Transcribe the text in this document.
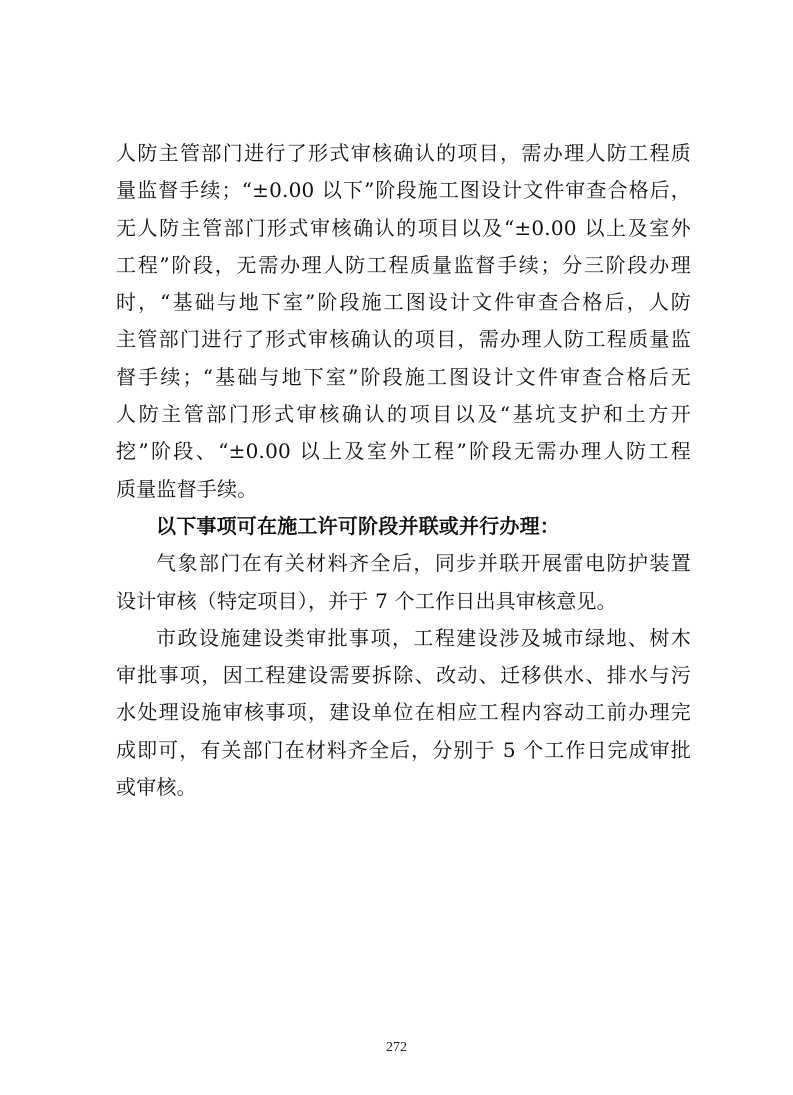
人防主管部门进行了形式审核确认的项目，需办理人防工程质
量监督手续；“±0.00 以下”阶段施工图设计文件审查合格后，
无人防主管部门形式审核确认的项目以及“±0.00 以上及室外
工程”阶段，无需办理人防工程质量监督手续；分三阶段办理
时，“基础与地下室”阶段施工图设计文件审查合格后，人防
主管部门进行了形式审核确认的项目，需办理人防工程质量监
督手续；“基础与地下室”阶段施工图设计文件审查合格后无
人防主管部门形式审核确认的项目以及“基坑支护和土方开
挖”阶段、“±0.00 以上及室外工程”阶段无需办理人防工程
质量监督手续。
以下事项可在施工许可阶段并联或并行办理：
气象部门在有关材料齐全后，同步并联开展雷电防护装置
设计审核（特定项目），并于 7 个工作日出具审核意见。
市政设施建设类审批事项，工程建设涉及城市绿地、树木
审批事项，因工程建设需要拆除、改动、迁移供水、排水与污
水处理设施审核事项，建设单位在相应工程内容动工前办理完
成即可，有关部门在材料齐全后，分别于 5 个工作日完成审批
或审核。
272
